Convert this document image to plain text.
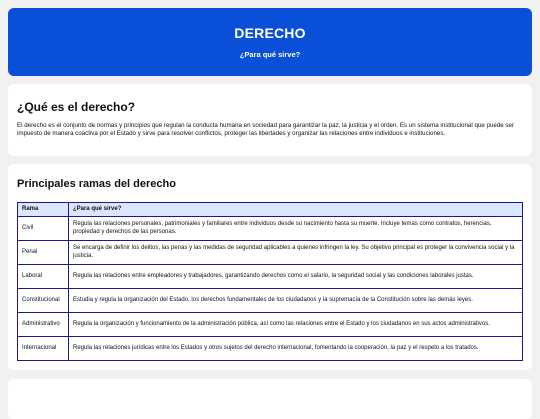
DERECHO

¿Para qué sirve?

¿Qué es el derecho?

El derecho es el conjunto de normas y principios que regulan la conducta humana en sociedad para garantizar la paz, la justicia y el orden. Es un sistema institucional que puede ser impuesto de manera coactiva por el Estado y sirve para resolver conflictos, proteger las libertades y organizar las relaciones entre individuos e instituciones.

Principales ramas del derecho
Rama	¿Para qué sirve?
Civil	Regula las relaciones personales, patrimoniales y familiares entre individuos desde su nacimiento hasta su muerte. Incluye temas como contratos, herencias, propiedad y derechos de las personas.
Penal	Se encarga de definir los delitos, las penas y las medidas de seguridad aplicables a quienes infringen la ley. Su objetivo principal es proteger la convivencia social y la justicia.
Laboral	Regula las relaciones entre empleadores y trabajadores, garantizando derechos como el salario, la seguridad social y las condiciones laborales justas.
Constitucional	Estudia y regula la organización del Estado, los derechos fundamentales de los ciudadanos y la supremacía de la Constitución sobre las demás leyes.
Administrativo	Regula la organización y funcionamiento de la administración pública, así como las relaciones entre el Estado y los ciudadanos en sus actos administrativos.
Internacional	Regula las relaciones jurídicas entre los Estados y otros sujetos del derecho internacional, fomentando la cooperación, la paz y el respeto a los tratados.
